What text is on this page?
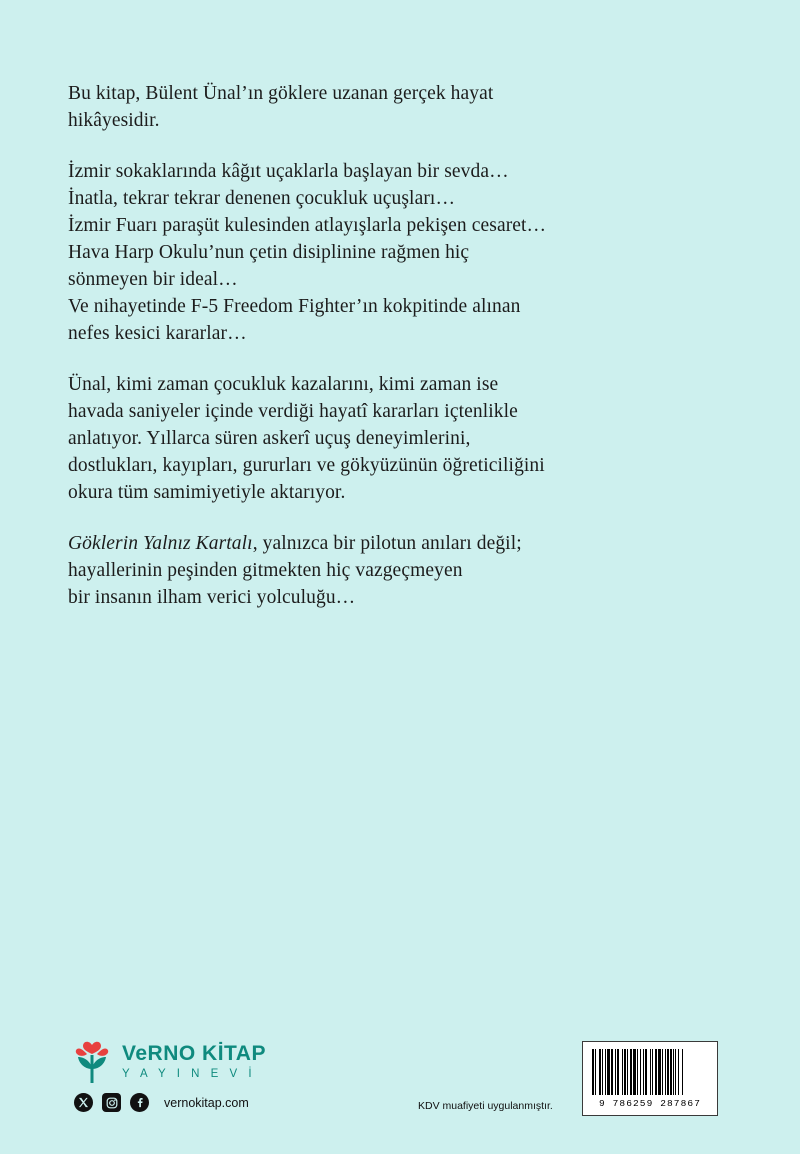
Bu kitap, Bülent Ünal’ın göklere uzanan gerçek hayat
hikâyesidir.

İzmir sokaklarında kâğıt uçaklarla başlayan bir sevda…
İnatla, tekrar tekrar denenen çocukluk uçuşları…
İzmir Fuarı paraşüt kulesinden atlayışlarla pekişen cesaret…
Hava Harp Okulu’nun çetin disiplinine rağmen hiç
sönmeyen bir ideal…
Ve nihayetinde F-5 Freedom Fighter’ın kokpitinde alınan
nefes kesici kararlar…

Ünal, kimi zaman çocukluk kazalarını, kimi zaman ise
havada saniyeler içinde verdiği hayatî kararları içtenlikle
anlatıyor. Yıllarca süren askerî uçuş deneyimlerini,
dostlukları, kayıpları, gururları ve gökyüzünün öğreticiliğini
okura tüm samimiyetiyle aktarıyor.

Göklerin Yalnız Kartalı, yalnızca bir pilotun anıları değil;
hayallerinin peşinden gitmekten hiç vazgeçmeyen
bir insanın ilham verici yolculuğu…

VeRNO KİTAP
Y A Y I N E V İ
vernokitap.com	KDV muafiyeti uygulanmıştır.	9 786259 287867
